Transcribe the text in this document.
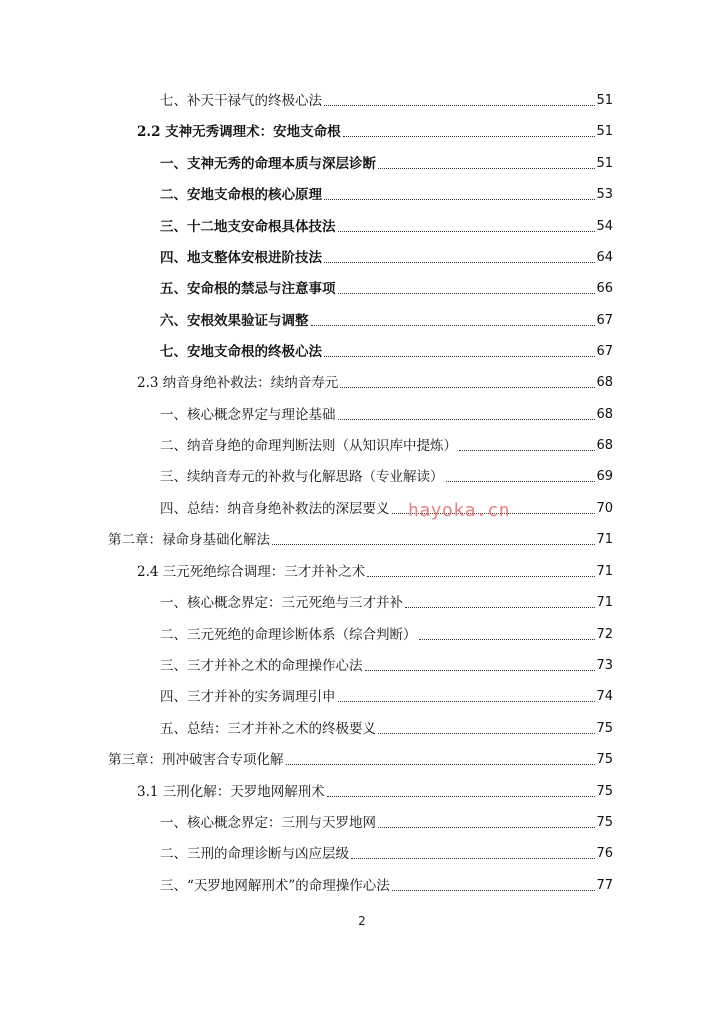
七、补天干禄气的终极心法	51
2.2 支神无秀调理术：安地支命根	51
一、支神无秀的命理本质与深层诊断	51
二、安地支命根的核心原理	53
三、十二地支安命根具体技法	54
四、地支整体安根进阶技法	64
五、安命根的禁忌与注意事项	66
六、安根效果验证与调整	67
七、安地支命根的终极心法	67
2.3 纳音身绝补救法：续纳音寿元	68
一、核心概念界定与理论基础	68
二、纳音身绝的命理判断法则（从知识库中提炼）	68
三、续纳音寿元的补救与化解思路（专业解读）	69
四、总结：纳音身绝补救法的深层要义	70
第二章：禄命身基础化解法	71
2.4 三元死绝综合调理：三才并补之术	71
一、核心概念界定：三元死绝与三才并补	71
二、三元死绝的命理诊断体系（综合判断）	72
三、三才并补之术的命理操作心法	73
四、三才并补的实务调理引申	74
五、总结：三才并补之术的终极要义	75
第三章：刑冲破害合专项化解	75
3.1 三刑化解：天罗地网解刑术	75
一、核心概念界定：三刑与天罗地网	75
二、三刑的命理诊断与凶应层级	76
三、“天罗地网解刑术”的命理操作心法	77
hayoka.cn
2
